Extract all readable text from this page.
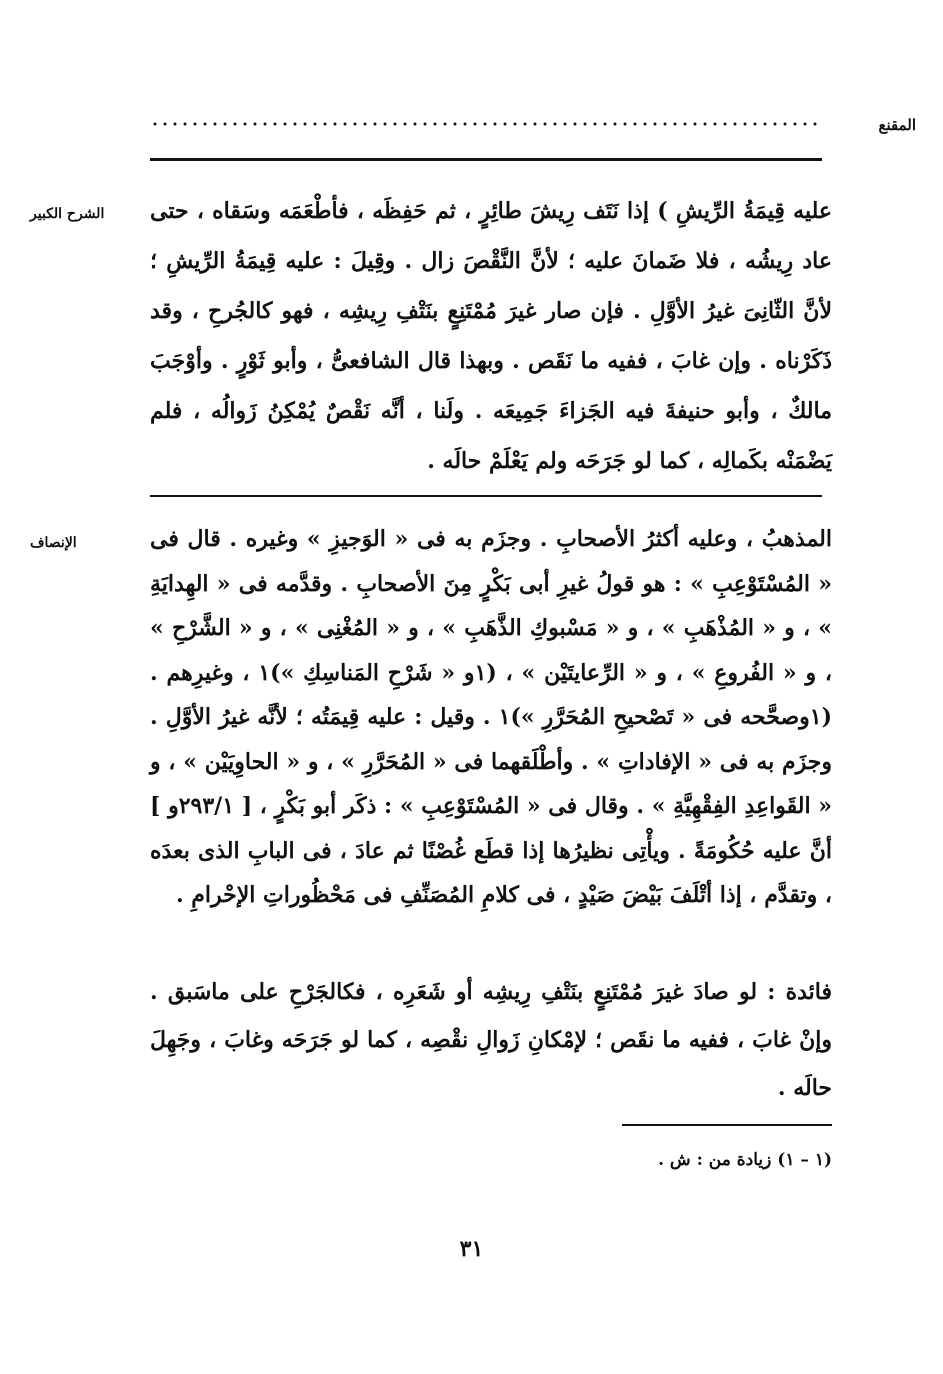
المقنع
الشرح الكبير	عليه قِيمَةُ الرِّيشِ ) إذا نَتَف رِيشَ طائِرٍ ، ثم حَفِظَه ، فأطْعَمَه وسَقاه ، حتى عاد رِيشُه ، فلا ضَمانَ عليه ؛ لأنَّ النَّقْصَ زال . وقِيلَ : عليه قِيمَةُ الرِّيشِ ؛ لأنَّ الثّانِىَ غيرُ الأوَّلِ . فإن صار غيرَ مُمْتَنِعٍ بنَتْفِ رِيشِه ، فهو كالجُرحِ ، وقد ذَكَرْناه . وإن غابَ ، ففيه ما نَقَص . وبهذا قال الشافعىُّ ، وأبو ثَوْرٍ . وأوْجَبَ مالكٌ ، وأبو حنيفةَ فيه الجَزاءَ جَمِيعَه . ولَنا ، أنَّه نَقْصٌ يُمْكِنُ زَوالُه ، فلم يَضْمَنْه بكَمالِه ، كما لو جَرَحَه ولم يَعْلَمْ حالَه .

الإنصاف	المذهبُ ، وعليه أكثرُ الأصحابِ . وجزَم به فى « الوَجيزِ » وغيره . قال فى « المُسْتَوْعِبِ » : هو قولُ غيرِ أبى بَكْرٍ مِنَ الأصحابِ . وقدَّمه فى « الهِدايَةِ » ، و « المُذْهَبِ » ، و « مَسْبوكِ الذَّهَبِ » ، و « المُغْنِى » ، و « الشَّرْحِ » ، و « الفُروعِ » ، و « الرِّعايتَيْن » ، (١و « شَرْحِ المَناسِكِ »)١ ، وغيرِهم . (١وصحَّحه فى « تَصْحيحِ المُحَرَّرِ »)١ . وقيل : عليه قِيمَتُه ؛ لأنَّه غيرُ الأوَّلِ . وجزَم به فى « الإفاداتِ » . وأطْلَقهما فى « المُحَرَّرِ » ، و « الحاوِيَيْن » ، و « القَواعِدِ الفِقْهِيَّةِ » . وقال فى « المُسْتَوْعِبِ » : ذكَر أبو بَكْرٍ ، [ ٢٩٣/١و ] أنَّ عليه حُكُومَةً . ويأْتِى نظيرُها إذا قطَع غُصْنًا ثم عادَ ، فى البابِ الذى بعدَه ، وتقدَّم ، إذا أتْلَفَ بَيْضَ صَيْدٍ ، فى كلامِ المُصَنِّفِ فى مَحْظُوراتِ الإحْرامِ .

فائدة : لو صادَ غيرَ مُمْتَنِعٍ بنَتْفِ رِيشِه أو شَعَرِه ، فكالجَرْحِ على ماسَبق . وإنْ غابَ ، ففيه ما نقَص ؛ لإمْكانِ زَوالِ نقْصِه ، كما لو جَرَحَه وغابَ ، وجَهِلَ حالَه .

(١ – ١) زيادة من : ش .
٣١
